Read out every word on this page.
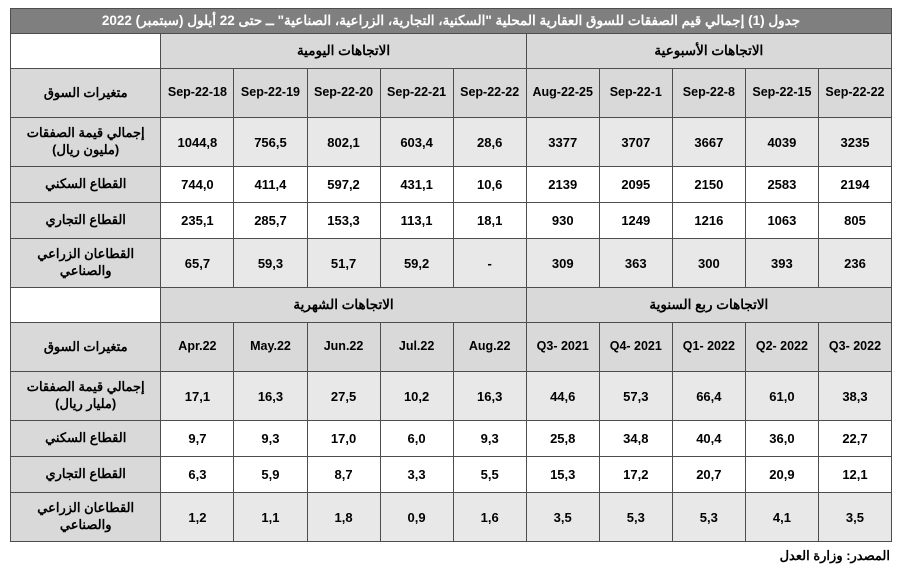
جدول (1) إجمالي قيم الصفقات للسوق العقارية المحلية "السكنية، التجارية، الزراعية، الصناعية" ــ حتى 22 أيلول (سبتمبر) 2022										
الاتجاهات الأسبوعية					الاتجاهات اليومية					
22-Sep-22	15-Sep-22	8-Sep-22	1-Sep-22	25-Aug-22	22-Sep-22	21-Sep-22	20-Sep-22	19-Sep-22	18-Sep-22	متغيرات السوق
3235	4039	3667	3707	3377	28,6	603,4	802,1	756,5	1044,8	إجمالي قيمة الصفقات (مليون ريال)
2194	2583	2150	2095	2139	10,6	431,1	597,2	411,4	744,0	القطاع السكني
805	1063	1216	1249	930	18,1	113,1	153,3	285,7	235,1	القطاع التجاري
236	393	300	363	309	-	59,2	51,7	59,3	65,7	القطاعان الزراعي والصناعي
الاتجاهات ربع السنوية					الاتجاهات الشهرية					
Q3- 2022	Q2- 2022	Q1- 2022	Q4- 2021	Q3- 2021	Aug.22	Jul.22	Jun.22	May.22	Apr.22	متغيرات السوق
38,3	61,0	66,4	57,3	44,6	16,3	10,2	27,5	16,3	17,1	إجمالي قيمة الصفقات (مليار ريال)
22,7	36,0	40,4	34,8	25,8	9,3	6,0	17,0	9,3	9,7	القطاع السكني
12,1	20,9	20,7	17,2	15,3	5,5	3,3	8,7	5,9	6,3	القطاع التجاري
3,5	4,1	5,3	5,3	3,5	1,6	0,9	1,8	1,1	1,2	القطاعان الزراعي والصناعي
المصدر: وزارة العدل
